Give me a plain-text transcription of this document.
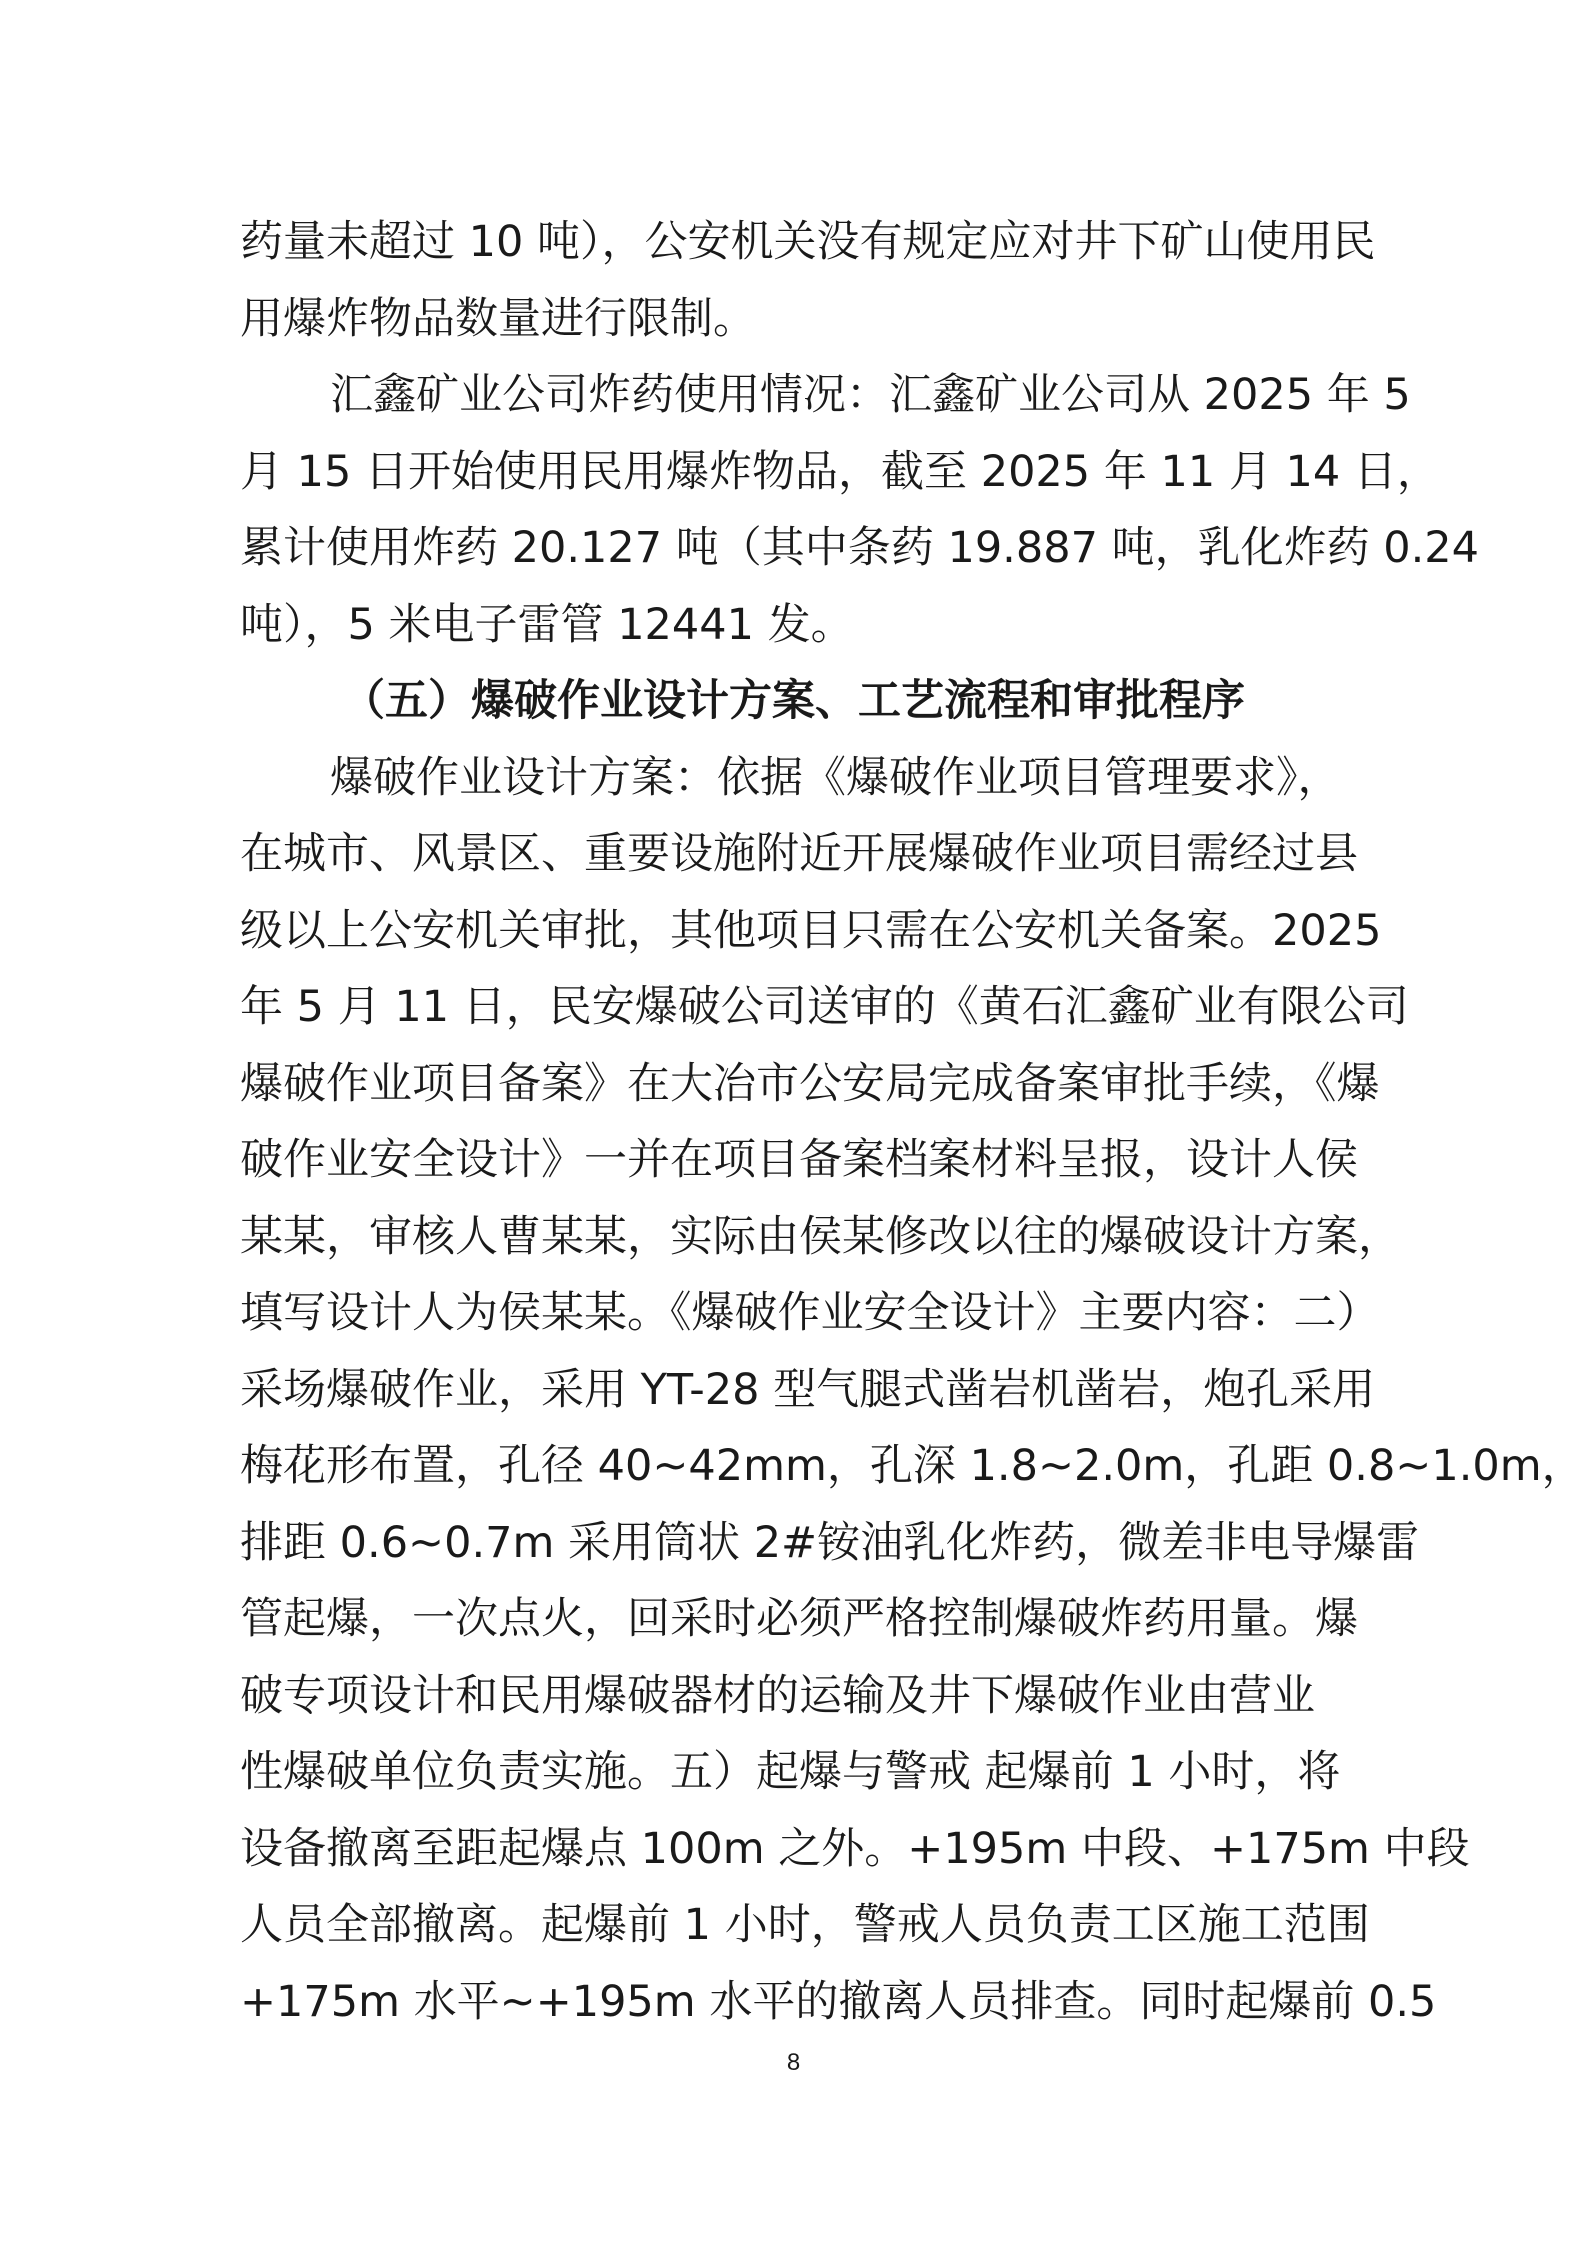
药量未超过 10 吨），公安机关没有规定应对井下矿山使用民
用爆炸物品数量进行限制。
汇鑫矿业公司炸药使用情况：汇鑫矿业公司从 2025 年 5
月 15 日开始使用民用爆炸物品，截至 2025 年 11 月 14 日，
累计使用炸药 20.127 吨（其中条药 19.887 吨，乳化炸药 0.24
吨），5 米电子雷管 12441 发。
（五）爆破作业设计方案、工艺流程和审批程序
爆破作业设计方案：依据《爆破作业项目管理要求》，
在城市、风景区、重要设施附近开展爆破作业项目需经过县
级以上公安机关审批，其他项目只需在公安机关备案。2025
年 5 月 11 日，民安爆破公司送审的《黄石汇鑫矿业有限公司
爆破作业项目备案》在大冶市公安局完成备案审批手续，《爆
破作业安全设计》一并在项目备案档案材料呈报，设计人侯
某某，审核人曹某某，实际由侯某修改以往的爆破设计方案，
填写设计人为侯某某。《爆破作业安全设计》主要内容：二）
采场爆破作业，采用 YT-28 型气腿式凿岩机凿岩，炮孔采用
梅花形布置，孔径 40~42mm，孔深 1.8~2.0m，孔距 0.8~1.0m，
排距 0.6~0.7m 采用筒状 2#铵油乳化炸药，微差非电导爆雷
管起爆，一次点火，回采时必须严格控制爆破炸药用量。爆
破专项设计和民用爆破器材的运输及井下爆破作业由营业
性爆破单位负责实施。五）起爆与警戒 起爆前 1 小时，将
设备撤离至距起爆点 100m 之外。+195m 中段、+175m 中段
人员全部撤离。起爆前 1 小时，警戒人员负责工区施工范围
+175m 水平~+195m 水平的撤离人员排查。同时起爆前 0.5
8
